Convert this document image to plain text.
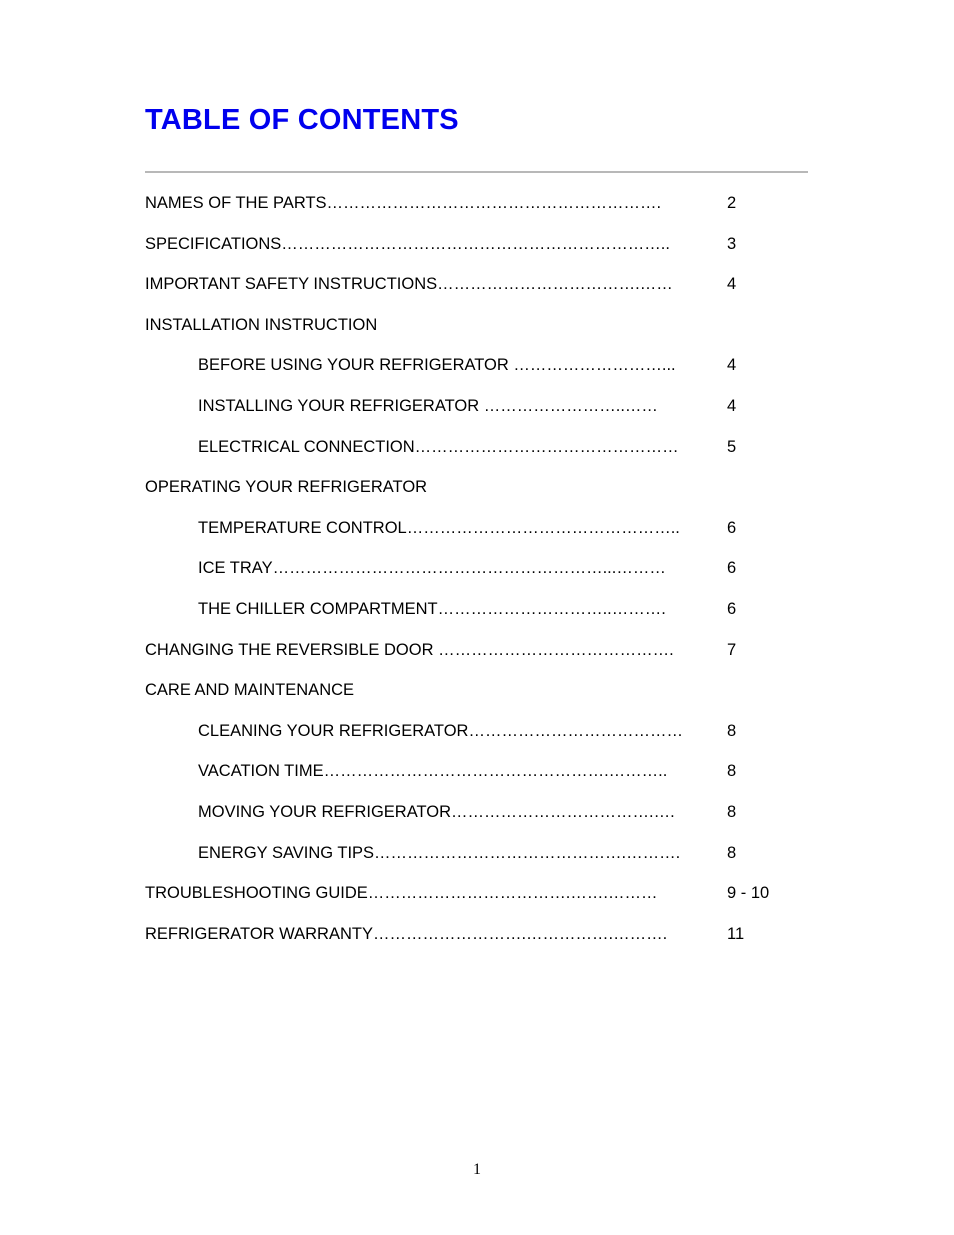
TABLE OF CONTENTS
NAMES OF THE PARTS…………………………………………………….	2
SPECIFICATIONS……………………………………………………………..	3
IMPORTANT SAFETY INSTRUCTIONS……………………………….……	4
INSTALLATION INSTRUCTION
BEFORE USING YOUR REFRIGERATOR ………………………...	4
INSTALLING YOUR REFRIGERATOR ……………………..……	4
ELECTRICAL CONNECTION…………………………………………	5
OPERATING YOUR REFRIGERATOR
TEMPERATURE CONTROL…………………………………………..	6
ICE TRAY……………………………………………………...………	6
THE CHILLER COMPARTMENT…………………………..……….	6
CHANGING THE REVERSIBLE DOOR …………………………………….	7
CARE AND MAINTENANCE
CLEANING YOUR REFRIGERATOR…………………………………	8
VACATION TIME…………………………………………….………..	8
MOVING YOUR REFRIGERATOR……………………………….….	8
ENERGY SAVING TIPS……………………………………….……….	8
TROUBLESHOOTING GUIDE……………………………….…….………	9 - 10
REFRIGERATOR WARRANTY……………………….…………….……….	11
1
